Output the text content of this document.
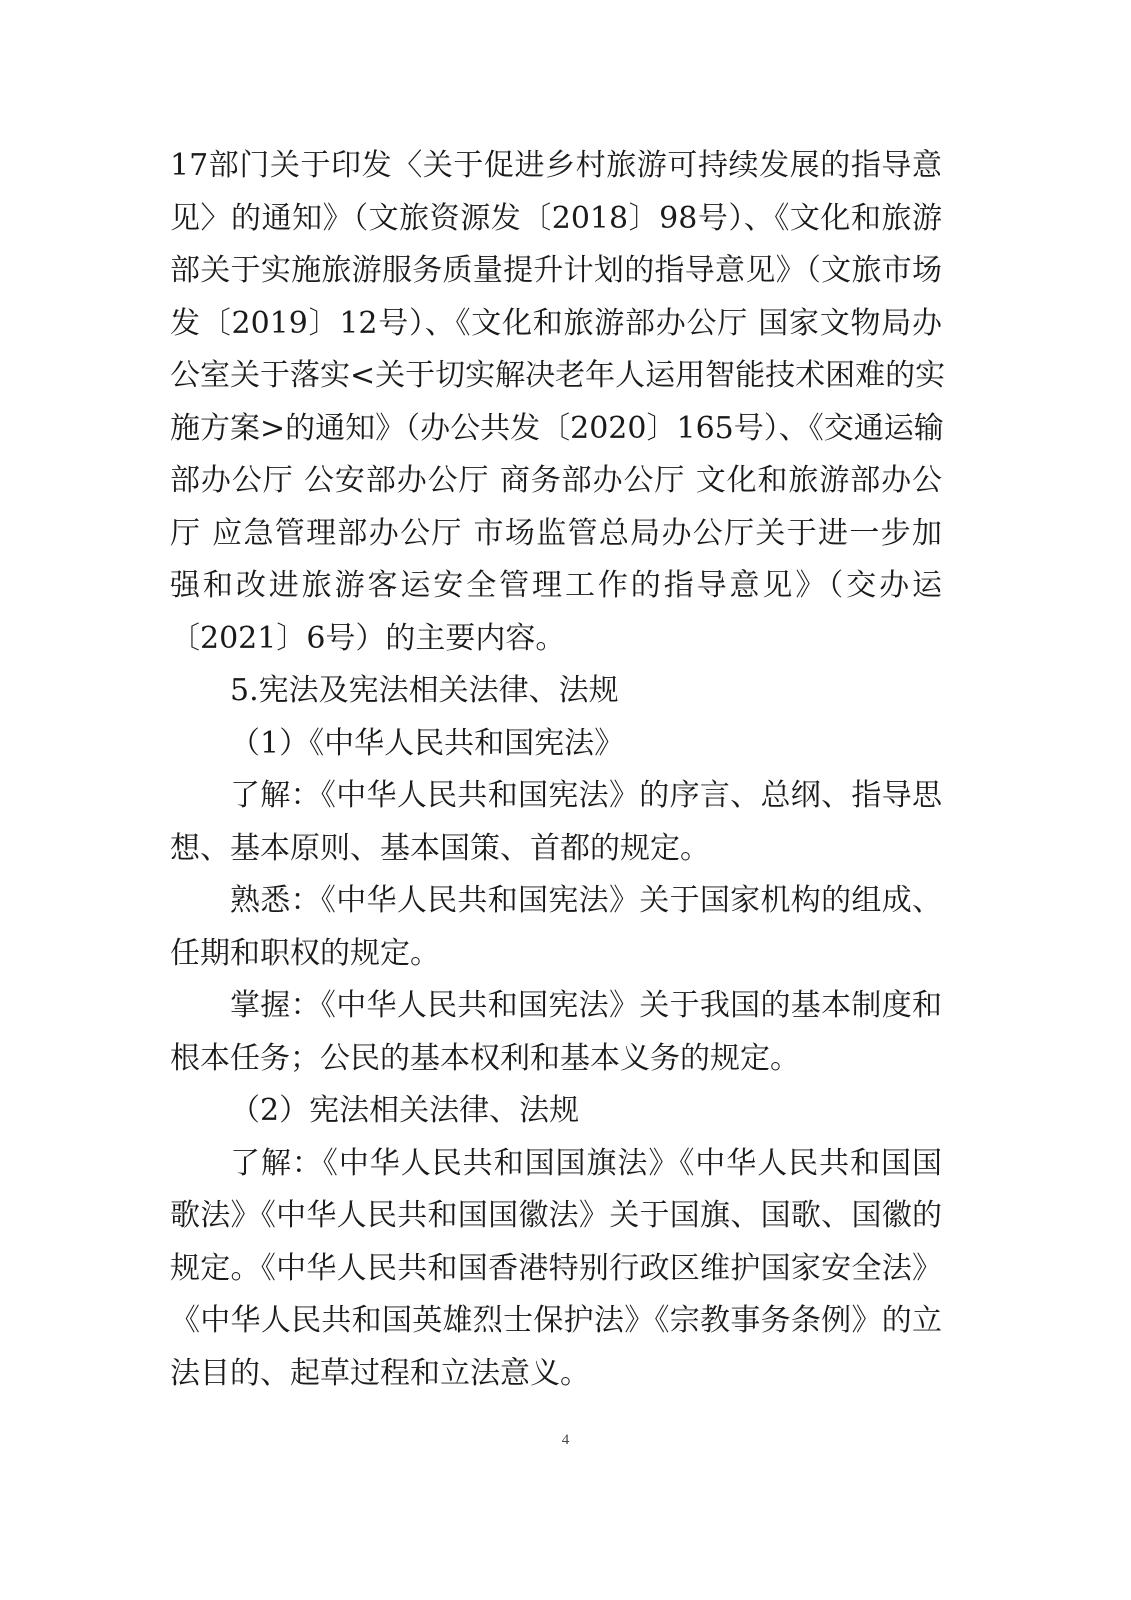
17部门关于印发〈关于促进乡村旅游可持续发展的指导意
见〉的通知》（文旅资源发〔2018〕98号）、《文化和旅游
部关于实施旅游服务质量提升计划的指导意见》（文旅市场
发〔2019〕12号）、《文化和旅游部办公厅 国家文物局办
公室关于落实<关于切实解决老年人运用智能技术困难的实
施方案>的通知》（办公共发〔2020〕165号）、《交通运输
部办公厅 公安部办公厅 商务部办公厅 文化和旅游部办公
厅 应急管理部办公厅 市场监管总局办公厅关于进一步加
强和改进旅游客运安全管理工作的指导意见》（交办运
〔2021〕6号）的主要内容。
5.宪法及宪法相关法律、法规
（1）《中华人民共和国宪法》
了解：《中华人民共和国宪法》的序言、总纲、指导思
想、基本原则、基本国策、首都的规定。
熟悉：《中华人民共和国宪法》关于国家机构的组成、
任期和职权的规定。
掌握：《中华人民共和国宪法》关于我国的基本制度和
根本任务；公民的基本权利和基本义务的规定。
（2）宪法相关法律、法规
了解：《中华人民共和国国旗法》《中华人民共和国国
歌法》《中华人民共和国国徽法》关于国旗、国歌、国徽的
规定。《中华人民共和国香港特别行政区维护国家安全法》
《中华人民共和国英雄烈士保护法》《宗教事务条例》的立
法目的、起草过程和立法意义。
4
